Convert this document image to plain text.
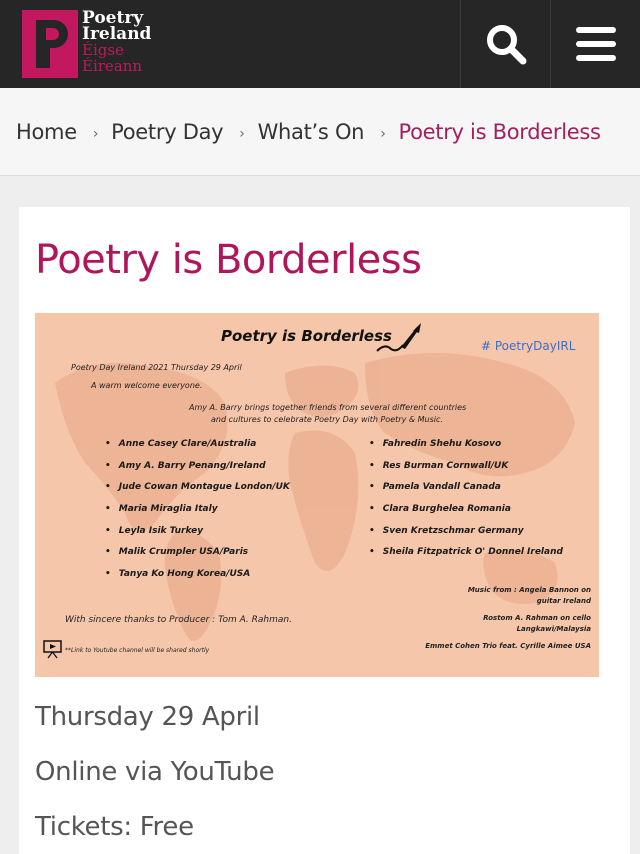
Poetry
Ireland
Éigse
Éireann
Home › Poetry Day › What’s On › Poetry is Borderless
Poetry is Borderless
Poetry is Borderless
# PoetryDayIRL
Poetry Day Ireland 2021 Thursday 29 April
A warm welcome everyone.
Amy A. Barry brings together friends from several different countries
and cultures to celebrate Poetry Day with Poetry & Music.
• Anne Casey Clare/Australia
• Amy A. Barry Penang/Ireland
• Jude Cowan Montague London/UK
• Maria Miraglia Italy
• Leyla Isik Turkey
• Malik Crumpler USA/Paris
• Tanya Ko Hong Korea/USA
• Fahredin Shehu Kosovo
• Res Burman Cornwall/UK
• Pamela Vandall Canada
• Clara Burghelea Romania
• Sven Kretzschmar Germany
• Sheila Fitzpatrick O' Donnel Ireland
Music from : Angela Bannon on
guitar Ireland
Rostom A. Rahman on cello
Langkawi/Malaysia
Emmet Cohen Trio feat. Cyrille Aimee USA
With sincere thanks to Producer : Tom A. Rahman.
**Link to Youtube channel will be shared shortly
Thursday 29 April
Online via YouTube
Tickets: Free
